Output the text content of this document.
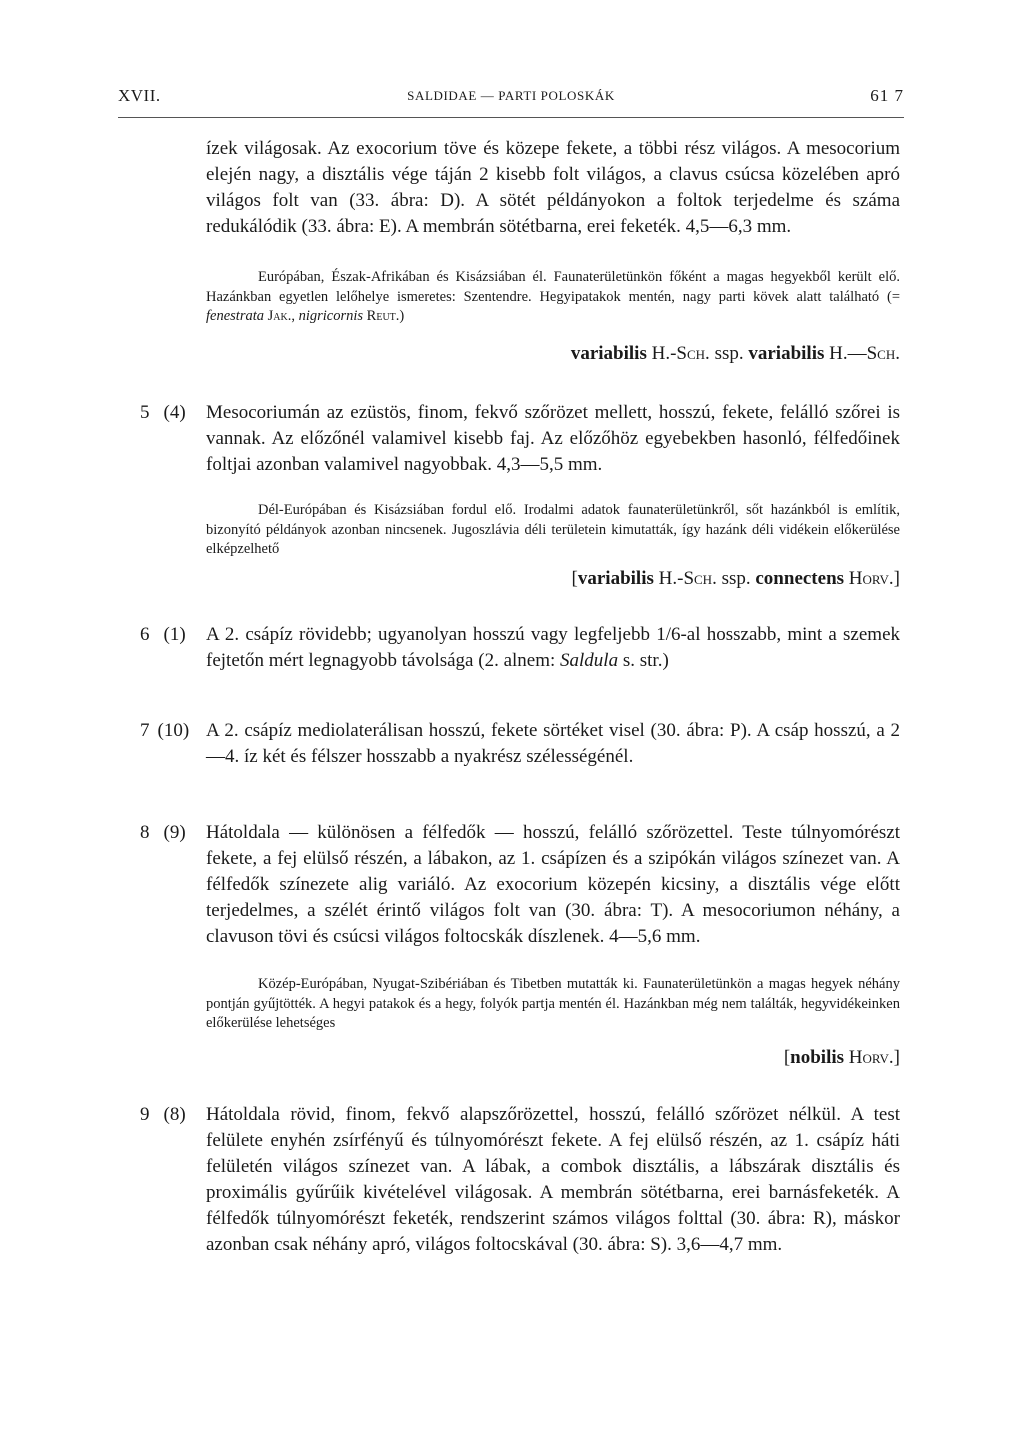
XVII.	SALDIDAE — PARTI POLOSKÁK	61 7

ízek világosak. Az exocorium töve és közepe fekete, a többi rész világos. A mesocorium elején nagy, a disztális vége táján 2 kisebb folt világos, a clavus csúcsa közelében apró világos folt van (33. ábra: D). A sötét példányokon a foltok terjedelme és száma redukálódik (33. ábra: E). A membrán sötétbarna, erei feketék. 4,5—6,3 mm.

Európában, Észak-Afrikában és Kisázsiában él. Faunaterületünkön főként a magas hegyekből került elő. Hazánkban egyetlen lelőhelye ismeretes: Szentendre. Hegyipatakok mentén, nagy parti kövek alatt található (= fenestrata Jak., nigricornis Reut.)

variabilis H.-Sch. ssp. variabilis H.—Sch.

5 (4) Mesocoriumán az ezüstös, finom, fekvő szőrözet mellett, hosszú, fekete, felálló szőrei is vannak. Az előzőnél valamivel kisebb faj. Az előzőhöz egyebekben hasonló, félfedőinek foltjai azonban valamivel nagyobbak. 4,3—5,5 mm.

Dél-Európában és Kisázsiában fordul elő. Irodalmi adatok faunaterületünkről, sőt hazánkból is említik, bizonyító példányok azonban nincsenek. Jugoszlávia déli területein kimutatták, így hazánk déli vidékein előkerülése elképzelhető

[variabilis H.-Sch. ssp. connectens Horv.]

6 (1) A 2. csápíz rövidebb; ugyanolyan hosszú vagy legfeljebb 1/6-al hosszabb, mint a szemek fejtetőn mért legnagyobb távolsága (2. alnem: Saldula s. str.)

7 (10) A 2. csápíz mediolaterálisan hosszú, fekete sörtéket visel (30. ábra: P). A csáp hosszú, a 2—4. íz két és félszer hosszabb a nyakrész szélességénél.

8 (9) Hátoldala — különösen a félfedők — hosszú, felálló szőrözettel. Teste túlnyomórészt fekete, a fej elülső részén, a lábakon, az 1. csápízen és a szipókán világos színezet van. A félfedők színezete alig variáló. Az exocorium közepén kicsiny, a disztális vége előtt terjedelmes, a szélét érintő világos folt van (30. ábra: T). A mesocoriumon néhány, a clavuson tövi és csúcsi világos foltocskák díszlenek. 4—5,6 mm.

Közép-Európában, Nyugat-Szibériában és Tibetben mutatták ki. Faunaterületünkön a magas hegyek néhány pontján gyűjtötték. A hegyi patakok és a hegy, folyók partja mentén él. Hazánkban még nem találták, hegyvidékeinken előkerülése lehetséges

[nobilis Horv.]

9 (8) Hátoldala rövid, finom, fekvő alapszőrözettel, hosszú, felálló szőrözet nélkül. A test felülete enyhén zsírfényű és túlnyomórészt fekete. A fej elülső részén, az 1. csápíz háti felületén világos színezet van. A lábak, a combok disztális, a lábszárak disztális és proximális gyűrűik kivételével világosak. A membrán sötétbarna, erei barnásfeketék. A félfedők túlnyomórészt feketék, rendszerint számos világos folttal (30. ábra: R), máskor azonban csak néhány apró, világos foltocskával (30. ábra: S). 3,6—4,7 mm.
